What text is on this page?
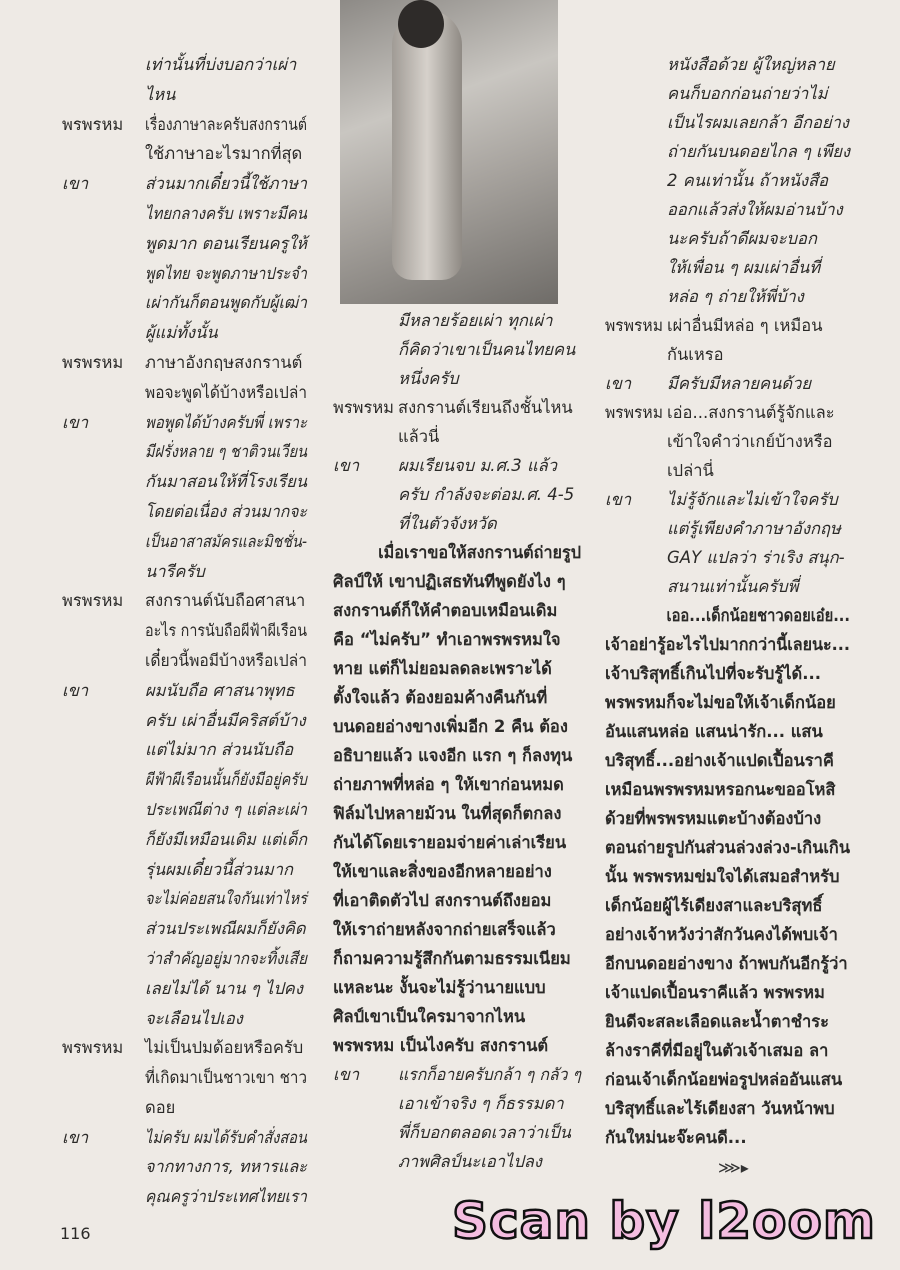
เท่านั้นที่บ่งบอกว่าเผ่า
ไหน
พรพรหม	เรื่องภาษาละครับสงกรานต์
ใช้ภาษาอะไรมากที่สุด
เขา	ส่วนมากเดี๋ยวนี้ใช้ภาษา
ไทยกลางครับ เพราะมีคน
พูดมาก ตอนเรียนครูให้
พูดไทย จะพูดภาษาประจำ
เผ่ากันก็ตอนพูดกับผู้เฒ่า
ผู้แม่ทั้งนั้น
พรพรหม	ภาษาอังกฤษสงกรานต์
พอจะพูดได้บ้างหรือเปล่า
เขา	พอพูดได้บ้างครับพี่ เพราะ
มีฝรั่งหลาย ๆ ชาติวนเวียน
กันมาสอนให้ที่โรงเรียน
โดยต่อเนื่อง ส่วนมากจะ
เป็นอาสาสมัครและมิชชั่น-
นารีครับ
พรพรหม	สงกรานต์นับถือศาสนา
อะไร การนับถือผีฟ้าผีเรือน
เดี๋ยวนี้พอมีบ้างหรือเปล่า
เขา	ผมนับถือ ศาสนาพุทธ
ครับ เผ่าอื่นมีคริสต์บ้าง
แต่ไม่มาก ส่วนนับถือ
ผีฟ้าผีเรือนนั้นก็ยังมีอยู่ครับ
ประเพณีต่าง ๆ แต่ละเผ่า
ก็ยังมีเหมือนเดิม แต่เด็ก
รุ่นผมเดี๋ยวนี้ส่วนมาก
จะไม่ค่อยสนใจกันเท่าไหร่
ส่วนประเพณีผมก็ยังคิด
ว่าสำคัญอยู่มากจะทิ้งเสีย
เลยไม่ได้ นาน ๆ ไปคง
จะเลือนไปเอง
พรพรหม	ไม่เป็นปมด้อยหรือครับ
ที่เกิดมาเป็นชาวเขา ชาว
ดอย
เขา	ไม่ครับ ผมได้รับคำสั่งสอน
จากทางการ, ทหารและ
คุณครูว่าประเทศไทยเรา
มีหลายร้อยเผ่า ทุกเผ่า
ก็คิดว่าเขาเป็นคนไทยคน
หนึ่งครับ
พรพรหม สงกรานต์เรียนถึงชั้นไหน
แล้วนี่
เขา	ผมเรียนจบ ม.ศ.3 แล้ว
ครับ กำลังจะต่อม.ศ. 4-5
ที่ในตัวจังหวัด
เมื่อเราขอให้สงกรานต์ถ่ายรูป
ศิลป์ให้ เขาปฏิเสธทันทีพูดยังไง ๆ
สงกรานต์ก็ให้คำตอบเหมือนเดิม
คือ “ไม่ครับ” ทำเอาพรพรหมใจ
หาย แต่ก็ไม่ยอมลดละเพราะได้
ตั้งใจแล้ว ต้องยอมค้างคืนกันที่
บนดอยอ่างขางเพิ่มอีก 2 คืน ต้อง
อธิบายแล้ว แจงอีก แรก ๆ ก็ลงทุน
ถ่ายภาพที่หล่อ ๆ ให้เขาก่อนหมด
ฟิล์มไปหลายม้วน ในที่สุดก็ตกลง
กันได้โดยเรายอมจ่ายค่าเล่าเรียน
ให้เขาและสิ่งของอีกหลายอย่าง
ที่เอาติดตัวไป สงกรานต์ถึงยอม
ให้เราถ่ายหลังจากถ่ายเสร็จแล้ว
ก็ถามความรู้สึกกันตามธรรมเนียม
แหละนะ งั้นจะไม่รู้ว่านายแบบ
ศิลป์เขาเป็นใครมาจากไหน
พรพรหม เป็นไงครับ สงกรานต์
เขา	แรกก็อายครับกล้า ๆ กลัว ๆ
เอาเข้าจริง ๆ ก็ธรรมดา
พี่ก็บอกตลอดเวลาว่าเป็น
ภาพศิลป์นะเอาไปลง
หนังสือด้วย ผู้ใหญ่หลาย
คนก็บอกก่อนถ่ายว่าไม่
เป็นไรผมเลยกล้า อีกอย่าง
ถ่ายกันบนดอยไกล ๆ เพียง
2 คนเท่านั้น ถ้าหนังสือ
ออกแล้วส่งให้ผมอ่านบ้าง
นะครับถ้าดีผมจะบอก
ให้เพื่อน ๆ ผมเผ่าอื่นที่
หล่อ ๆ ถ่ายให้พี่บ้าง
พรพรหม เผ่าอื่นมีหล่อ ๆ เหมือน
กันเหรอ
เขา	มีครับมีหลายคนด้วย
พรพรหม เอ่อ...สงกรานต์รู้จักและ
เข้าใจคำว่าเกย์บ้างหรือ
เปล่านี่
เขา	ไม่รู้จักและไม่เข้าใจครับ
แต่รู้เพียงคำภาษาอังกฤษ
GAY แปลว่า ร่าเริง สนุก-
สนานเท่านั้นครับพี่
เออ...เด็กน้อยชาวดอยเอ๋ย...
เจ้าอย่ารู้อะไรไปมากกว่านี้เลยนะ...
เจ้าบริสุทธิ์เกินไปที่จะรับรู้ได้...
พรพรหมก็จะไม่ขอให้เจ้าเด็กน้อย
อันแสนหล่อ แสนน่ารัก... แสน
บริสุทธิ์...อย่างเจ้าแปดเปื้อนราคี
เหมือนพรพรหมหรอกนะขออโหสิ
ด้วยที่พรพรหมแตะบ้างต้องบ้าง
ตอนถ่ายรูปกันส่วนล่วงล่วง-เกินเกิน
นั้น พรพรหมข่มใจได้เสมอสำหรับ
เด็กน้อยผู้ไร้เดียงสาและบริสุทธิ์
อย่างเจ้าหวังว่าสักวันคงได้พบเจ้า
อีกบนดอยอ่างขาง ถ้าพบกันอีกรู้ว่า
เจ้าแปดเปื้อนราคีแล้ว พรพรหม
ยินดีจะสละเลือดและน้ำตาชำระ
ล้างราคีที่มีอยู่ในตัวเจ้าเสมอ ลา
ก่อนเจ้าเด็กน้อยพ่อรูปหล่ออันแสน
บริสุทธิ์และไร้เดียงสา วันหน้าพบ
กันใหม่นะจ๊ะคนดี...
⋙▸
116	Scan by l2oom
